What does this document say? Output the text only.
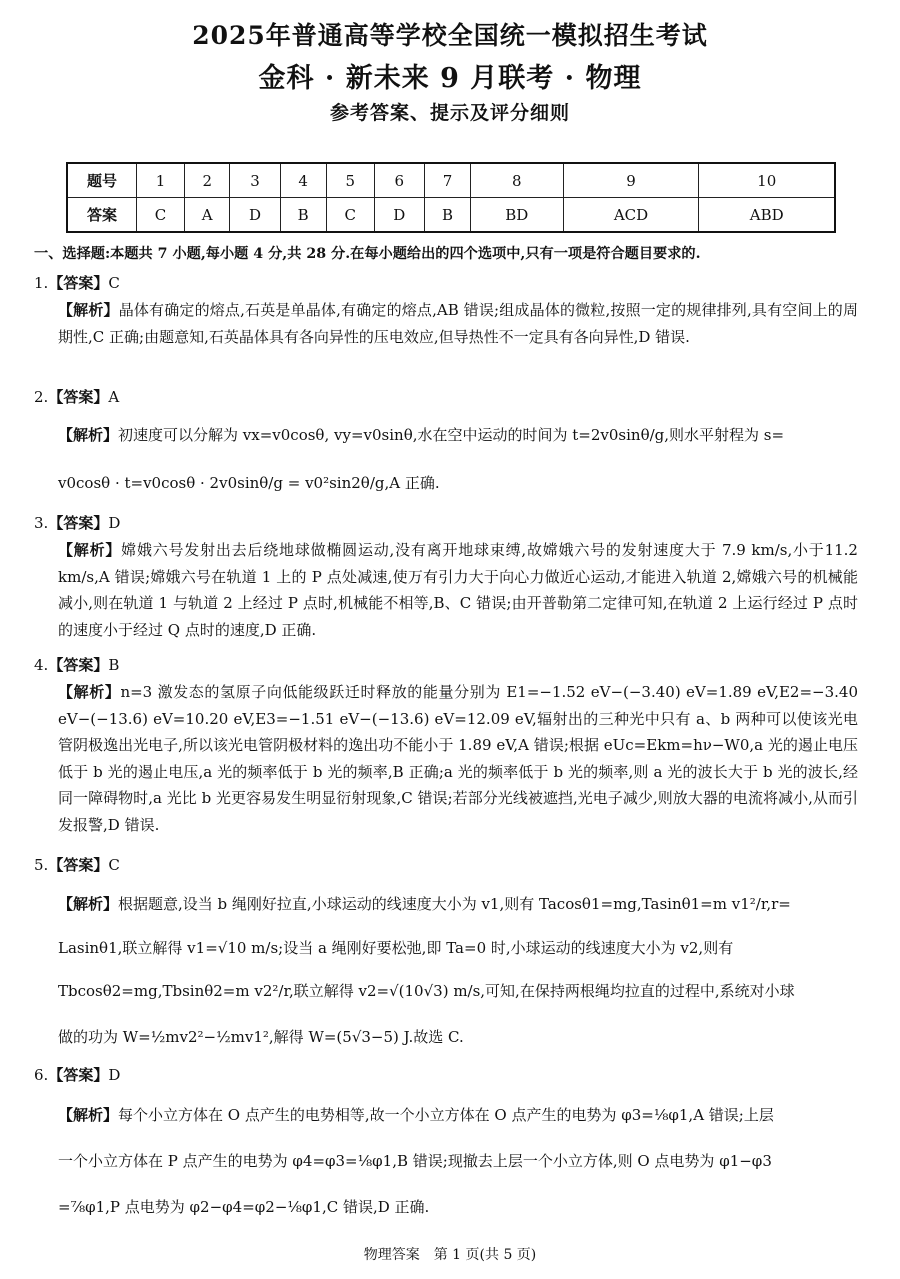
2025年普通高等学校全国统一模拟招生考试
金科 · 新未来 9 月联考 · 物理
参考答案、提示及评分细则
题号	1	2	3	4	5	6	7	8	9	10
答案	C	A	D	B	C	D	B	BD	ACD	ABD
一、选择题:本题共 7 小题,每小题 4 分,共 28 分.在每小题给出的四个选项中,只有一项是符合题目要求的.
1.【答案】C
【解析】晶体有确定的熔点,石英是单晶体,有确定的熔点,AB 错误;组成晶体的微粒,按照一定的规律排列,具有空间上的周期性,C 正确;由题意知,石英晶体具有各向异性的压电效应,但导热性不一定具有各向异性,D 错误.
2.【答案】A
【解析】初速度可以分解为 vx=v0cosθ, vy=v0sinθ,水在空中运动的时间为 t=2v0sinθ/g,则水平射程为 s=
v0cosθ · t=v0cosθ · 2v0sinθ/g = v0²sin2θ/g,A 正确.
3.【答案】D
【解析】嫦娥六号发射出去后绕地球做椭圆运动,没有离开地球束缚,故嫦娥六号的发射速度大于 7.9 km/s,小于11.2 km/s,A 错误;嫦娥六号在轨道 1 上的 P 点处减速,使万有引力大于向心力做近心运动,才能进入轨道 2,嫦娥六号的机械能减小,则在轨道 1 与轨道 2 上经过 P 点时,机械能不相等,B、C 错误;由开普勒第二定律可知,在轨道 2 上运行经过 P 点时的速度小于经过 Q 点时的速度,D 正确.
4.【答案】B
【解析】n=3 激发态的氢原子向低能级跃迁时释放的能量分别为 E1=−1.52 eV−(−3.40) eV=1.89 eV,E2=−3.40 eV−(−13.6) eV=10.20 eV,E3=−1.51 eV−(−13.6) eV=12.09 eV,辐射出的三种光中只有 a、b 两种可以使该光电管阴极逸出光电子,所以该光电管阴极材料的逸出功不能小于 1.89 eV,A 错误;根据 eUc=Ekm=hν−W0,a 光的遏止电压低于 b 光的遏止电压,a 光的频率低于 b 光的频率,B 正确;a 光的频率低于 b 光的频率,则 a 光的波长大于 b 光的波长,经同一障碍物时,a 光比 b 光更容易发生明显衍射现象,C 错误;若部分光线被遮挡,光电子减少,则放大器的电流将减小,从而引发报警,D 错误.
5.【答案】C
【解析】根据题意,设当 b 绳刚好拉直,小球运动的线速度大小为 v1,则有 Tacosθ1=mg,Tasinθ1=m v1²/r,r=
Lasinθ1,联立解得 v1=√10 m/s;设当 a 绳刚好要松弛,即 Ta=0 时,小球运动的线速度大小为 v2,则有
Tbcosθ2=mg,Tbsinθ2=m v2²/r,联立解得 v2=√(10√3) m/s,可知,在保持两根绳均拉直的过程中,系统对小球
做的功为 W=½mv2²−½mv1²,解得 W=(5√3−5) J.故选 C.
6.【答案】D
【解析】每个小立方体在 O 点产生的电势相等,故一个小立方体在 O 点产生的电势为 φ3=⅛φ1,A 错误;上层
一个小立方体在 P 点产生的电势为 φ4=φ3=⅛φ1,B 错误;现撤去上层一个小立方体,则 O 点电势为 φ1−φ3
=⅞φ1,P 点电势为 φ2−φ4=φ2−⅛φ1,C 错误,D 正确.
物理答案　第 1 页(共 5 页)
